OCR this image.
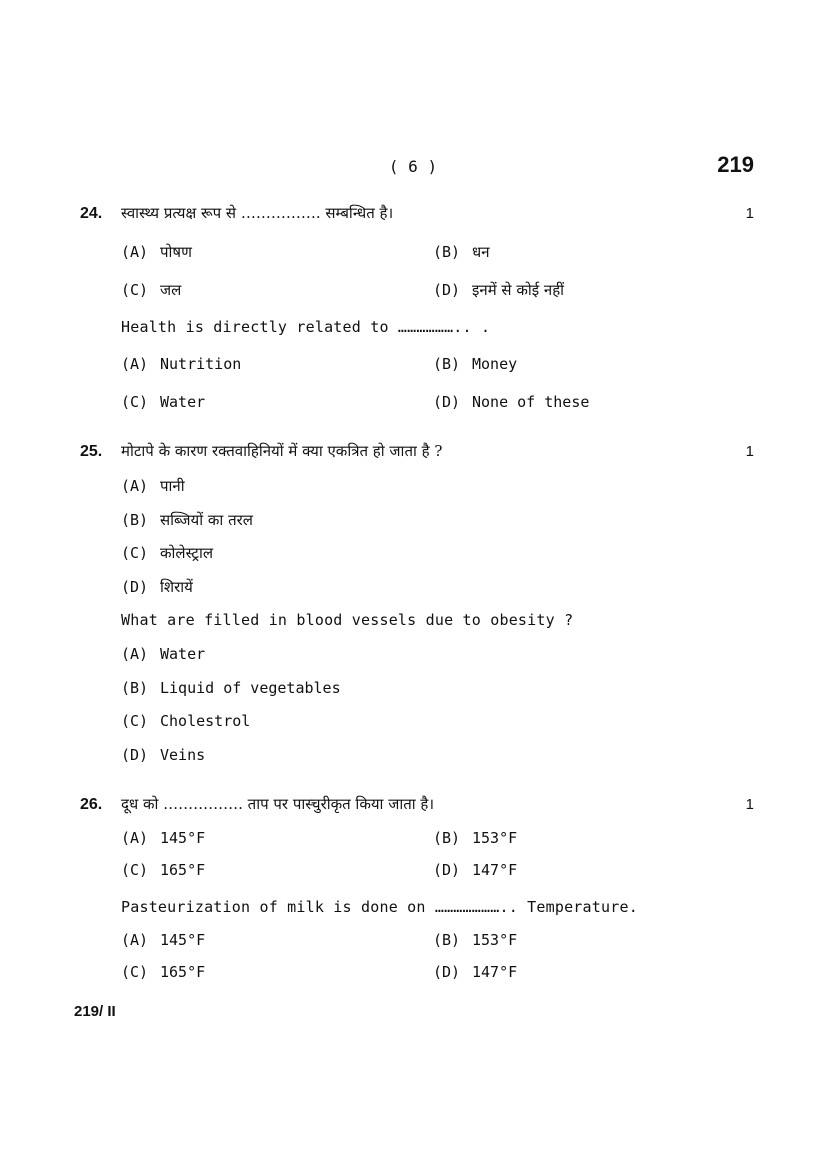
( 6 )	219
24. स्वास्थ्य प्रत्यक्ष रूप से ……………. सम्बन्धित है।	1
(A) पोषण	(B) धन
(C) जल	(D) इनमें से कोई नहीं
Health is directly related to ……………….. .
(A) Nutrition	(B) Money
(C) Water	(D) None of these
25. मोटापे के कारण रक्तवाहिनियों में क्या एकत्रित हो जाता है ?	1
(A) पानी
(B) सब्जियों का तरल
(C) कोलेस्ट्राल
(D) शिरायें
What are filled in blood vessels due to obesity ?
(A) Water
(B) Liquid of vegetables
(C) Cholestrol
(D) Veins
26. दूध को ……………. ताप पर पास्चुरीकृत किया जाता है।	1
(A) 145°F	(B) 153°F
(C) 165°F	(D) 147°F
Pasteurization of milk is done on ………………….. Temperature.
(A) 145°F	(B) 153°F
(C) 165°F	(D) 147°F
219/ II
